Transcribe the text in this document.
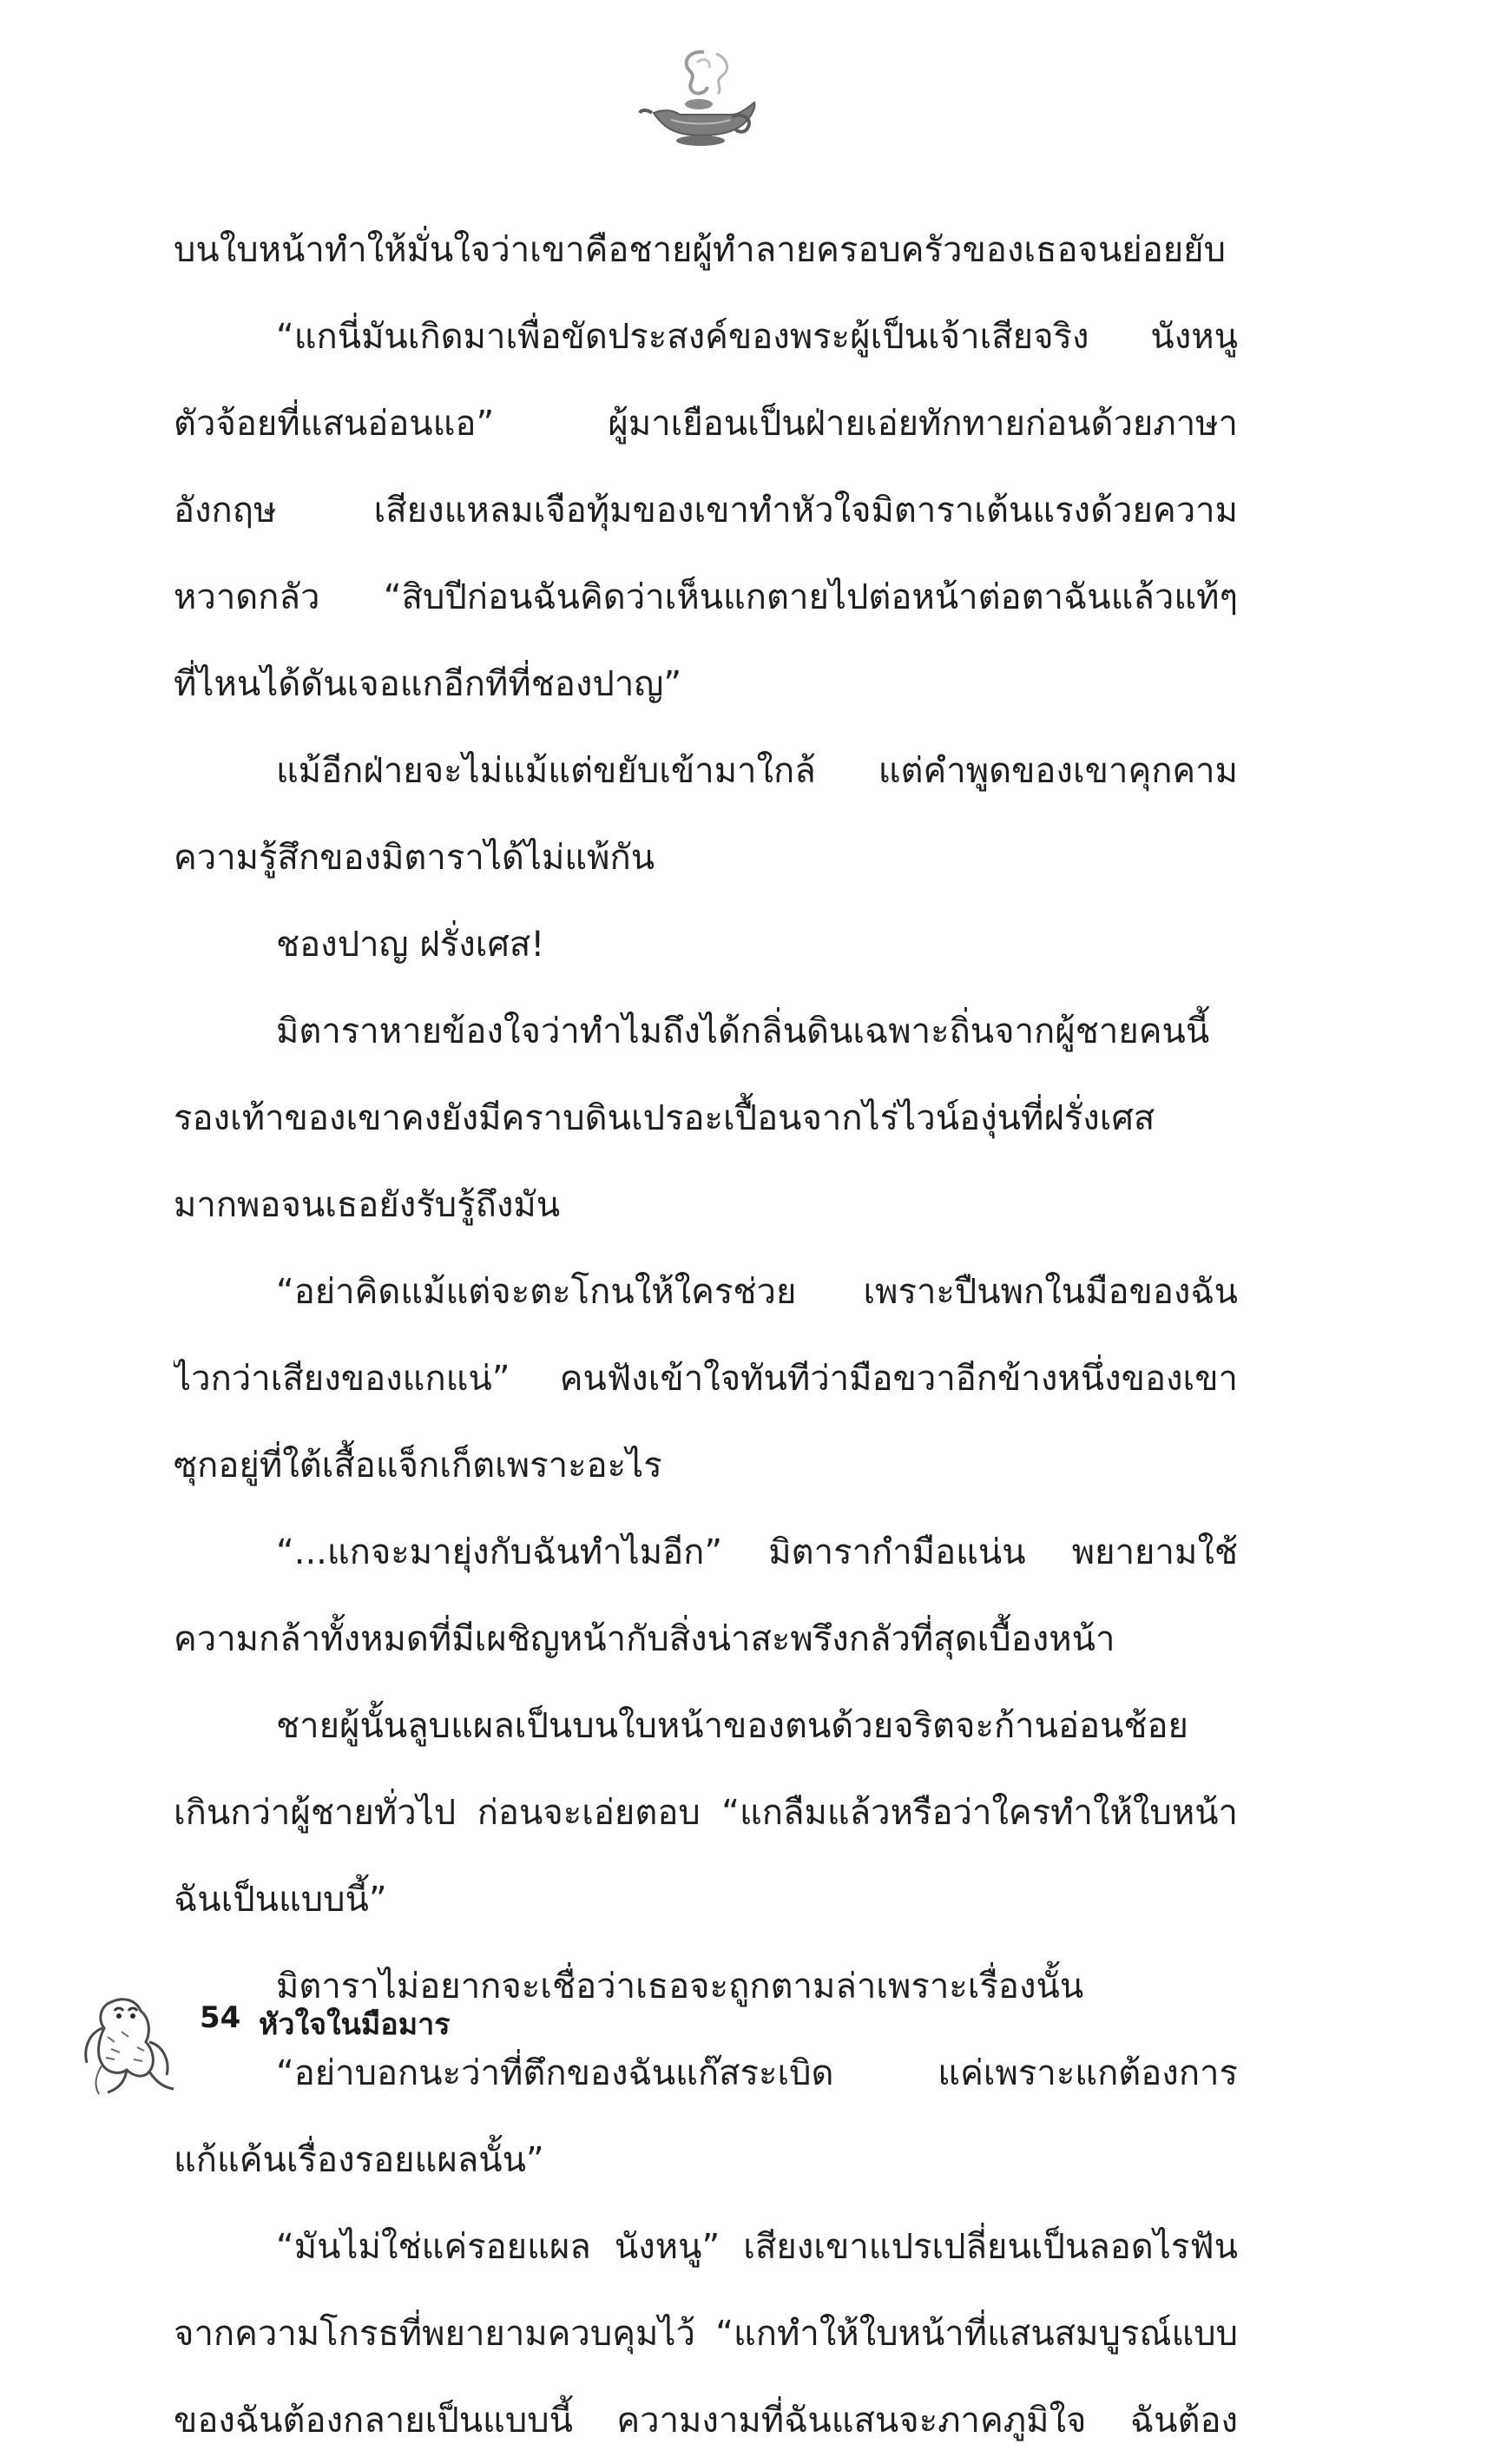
บนใบหน้าทำให้มั่นใจว่าเขาคือชายผู้ทำลายครอบครัวของเธอจนย่อยยับ
“แกนี่มันเกิดมาเพื่อขัดประสงค์ของพระผู้เป็นเจ้าเสียจริง นังหนู
ตัวจ้อยที่แสนอ่อนแอ” ผู้มาเยือนเป็นฝ่ายเอ่ยทักทายก่อนด้วยภาษา
อังกฤษ เสียงแหลมเจือทุ้มของเขาทำหัวใจมิตาราเต้นแรงด้วยความ
หวาดกลัว “สิบปีก่อนฉันคิดว่าเห็นแกตายไปต่อหน้าต่อตาฉันแล้วแท้ๆ
ที่ไหนได้ดันเจอแกอีกทีที่ชองปาญ”
แม้อีกฝ่ายจะไม่แม้แต่ขยับเข้ามาใกล้ แต่คำพูดของเขาคุกคาม
ความรู้สึกของมิตาราได้ไม่แพ้กัน
ชองปาญ ฝรั่งเศส!
มิตาราหายข้องใจว่าทำไมถึงได้กลิ่นดินเฉพาะถิ่นจากผู้ชายคนนี้
รองเท้าของเขาคงยังมีคราบดินเปรอะเปื้อนจากไร่ไวน์องุ่นที่ฝรั่งเศส
มากพอจนเธอยังรับรู้ถึงมัน
“อย่าคิดแม้แต่จะตะโกนให้ใครช่วย เพราะปืนพกในมือของฉัน
ไวกว่าเสียงของแกแน่” คนฟังเข้าใจทันทีว่ามือขวาอีกข้างหนึ่งของเขา
ซุกอยู่ที่ใต้เสื้อแจ็กเก็ตเพราะอะไร
“...แกจะมายุ่งกับฉันทำไมอีก” มิตารากำมือแน่น พยายามใช้
ความกล้าทั้งหมดที่มีเผชิญหน้ากับสิ่งน่าสะพรึงกลัวที่สุดเบื้องหน้า
ชายผู้นั้นลูบแผลเป็นบนใบหน้าของตนด้วยจริตจะก้านอ่อนช้อย
เกินกว่าผู้ชายทั่วไป ก่อนจะเอ่ยตอบ “แกลืมแล้วหรือว่าใครทำให้ใบหน้า
ฉันเป็นแบบนี้”
มิตาราไม่อยากจะเชื่อว่าเธอจะถูกตามล่าเพราะเรื่องนั้น
“อย่าบอกนะว่าที่ตึกของฉันแก๊สระเบิด แค่เพราะแกต้องการ
แก้แค้นเรื่องรอยแผลนั้น”
“มันไม่ใช่แค่รอยแผล นังหนู” เสียงเขาแปรเปลี่ยนเป็นลอดไรฟัน
จากความโกรธที่พยายามควบคุมไว้ “แกทำให้ใบหน้าที่แสนสมบูรณ์แบบ
ของฉันต้องกลายเป็นแบบนี้ ความงามที่ฉันแสนจะภาคภูมิใจ ฉันต้อง
54 หัวใจในมือมาร
